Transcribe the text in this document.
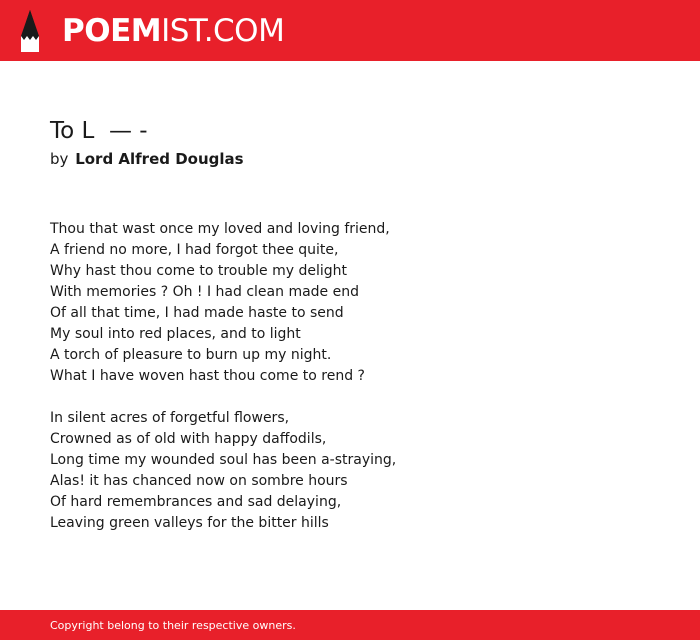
POEMIST.COM
To L  — -
by Lord Alfred Douglas
Thou that wast once my loved and loving friend,
A friend no more, I had forgot thee quite,
Why hast thou come to trouble my delight
With memories ? Oh ! I had clean made end
Of all that time, I had made haste to send
My soul into red places, and to light
A torch of pleasure to burn up my night.
What I have woven hast thou come to rend ?
In silent acres of forgetful flowers,
Crowned as of old with happy daffodils,
Long time my wounded soul has been a-straying,
Alas! it has chanced now on sombre hours
Of hard remembrances and sad delaying,
Leaving green valleys for the bitter hills
Copyright belong to their respective owners.
